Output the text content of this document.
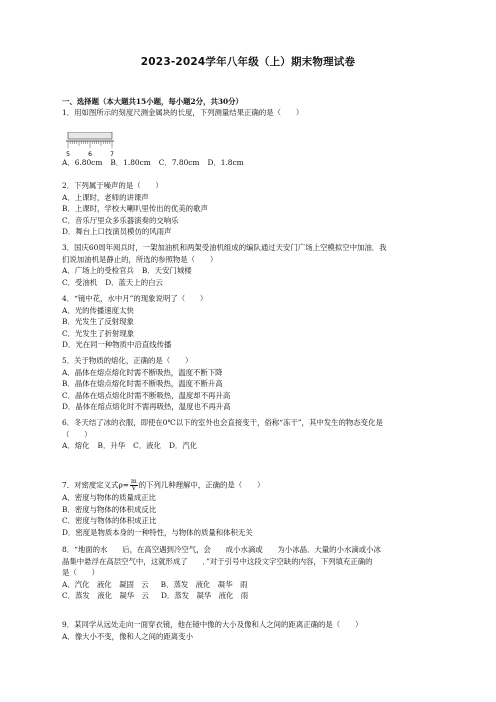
2023-2024学年八年级（上）期末物理试卷
一、选择题（本大题共15小题，每小题2分，共30分）
1．用如图所示的刻度尺测金属块的长度，下列测量结果正确的是（　　）
5	6	7
A．6.80cm B．1.80cm C．7.80cm D．1.8cm
2．下列属于噪声的是（　　）
A．上课时，老师的讲课声
B．上课时，学校大喇叭里传出的优美的歌声
C．音乐厅里众多乐器演奏的交响乐
D．舞台上口技演员模仿的风雨声
3．国庆60周年阅兵时，一架加油机和两架受油机组成的编队通过天安门广场上空模拟空中加油．我
们说加油机是静止的，所选的参照物是（　　）
A．广场上的受检官兵 B．天安门城楼
C．受油机 D．蓝天上的白云
4．“镜中花，水中月”的现象说明了（　　）
A．光的传播速度太快
B．光发生了反射现象
C．光发生了折射现象
D．光在同一种物质中沿直线传播
5．关于物质的熔化，正确的是（　　）
A．晶体在熔点熔化时需不断吸热，温度不断下降
B．晶体在熔点熔化时需不断吸热，温度不断升高
C．晶体在熔点熔化时需不断吸热，温度却不再升高
D．晶体在熔点熔化时不需再吸热，温度也不再升高
6．冬天结了冰的衣服，即使在0℃以下的室外也会直接变干，俗称“冻干”，其中发生的物态变化是
（　　）
A．熔化 B．升华 C．液化 D．汽化
7．对密度定义式$\rho= \frac{m}{V}$ 的下列几种理解中，正确的是（　　）
A．密度与物体的质量成正比
B．密度与物体的体积成反比
C．密度与物体的体积成正比
D．密度是物质本身的一种特性，与物体的质量和体积无关
8．“地面的水　　后，在高空遇到冷空气，会　　成小水滴或　　为小冰晶．大量的小水滴或小冰
晶集中悬浮在高层空气中，这就形成了　　．”对于引号中这段文字空缺的内容，下列填充正确的
是（　　）
A．汽化　液化　凝固　云 B．蒸发　液化　凝华　雨
C．蒸发　液化　凝华　云 D．蒸发　凝华　液化　雨
9．某同学从远处走向一面穿衣镜，他在镜中像的大小及像和人之间的距离正确的是（　　）
A．像大小不变，像和人之间的距离变小
